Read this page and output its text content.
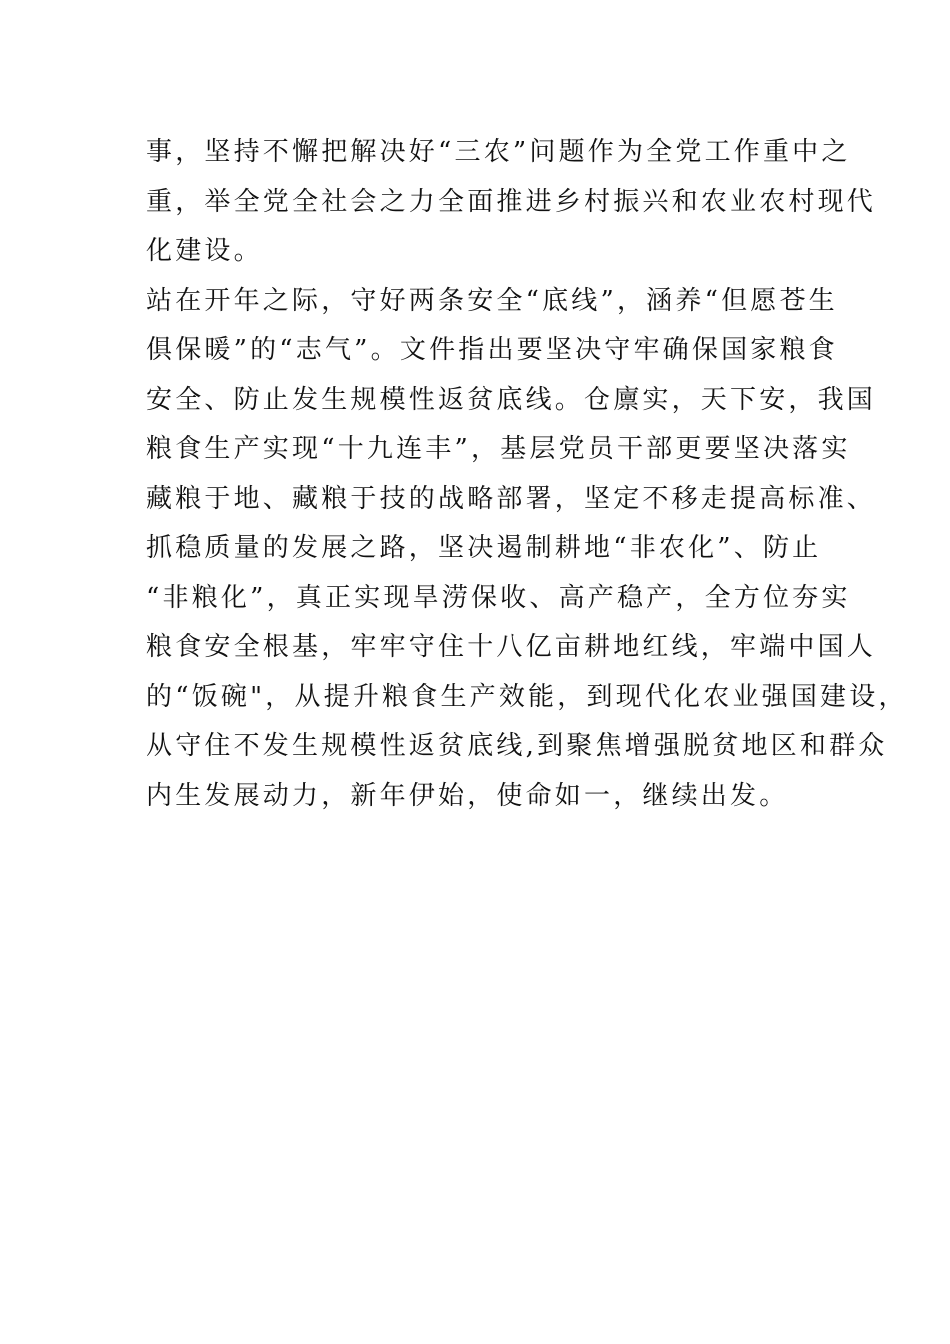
事，坚持不懈把解决好“三农”问题作为全党工作重中之
重，举全党全社会之力全面推进乡村振兴和农业农村现代
化建设。
站在开年之际，守好两条安全“底线”，涵养“但愿苍生
俱保暖”的“志气”。文件指出要坚决守牢确保国家粮食
安全、防止发生规模性返贫底线。仓廪实，天下安，我国
粮食生产实现“十九连丰”，基层党员干部更要坚决落实
藏粮于地、藏粮于技的战略部署，坚定不移走提高标准、
抓稳质量的发展之路，坚决遏制耕地“非农化”、防止
“非粮化”，真正实现旱涝保收、高产稳产，全方位夯实
粮食安全根基，牢牢守住十八亿亩耕地红线，牢端中国人
的“饭碗"，从提升粮食生产效能，到现代化农业强国建设，
从守住不发生规模性返贫底线,到聚焦增强脱贫地区和群众
内生发展动力，新年伊始，使命如一，继续出发。
